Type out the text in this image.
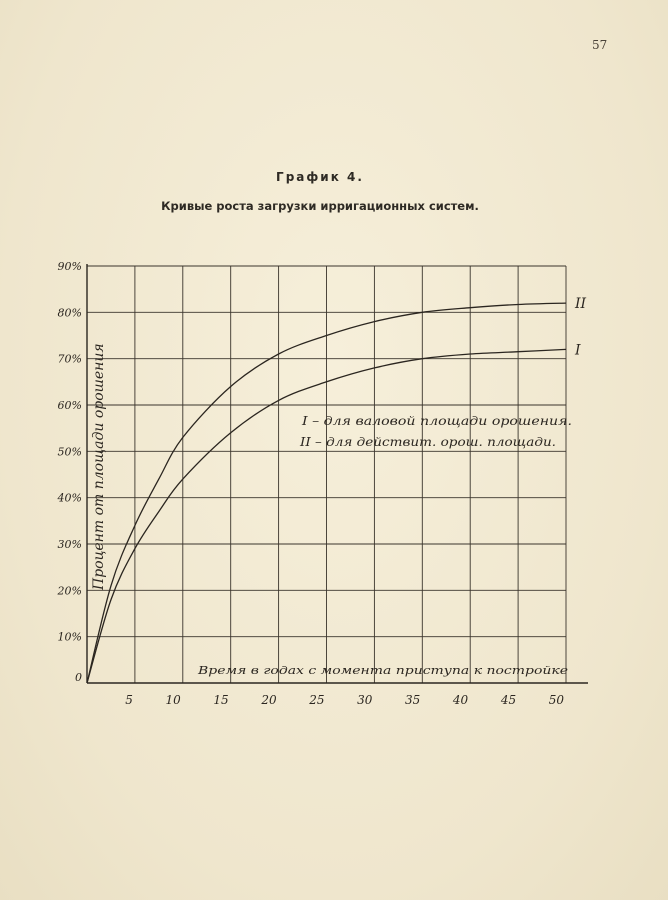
57
График 4.
Кривые роста загрузки ирригационных систем.
0
10%
20%
30%
40%
50%
60%
70%
80%
90%
5	10	15	20	25	30	35	40	45	50
I
II
Процент от площади орошения
Время в годах с момента приступа к постройке
I – для валовой площади орошения.
II – для действит. орош. площади.
